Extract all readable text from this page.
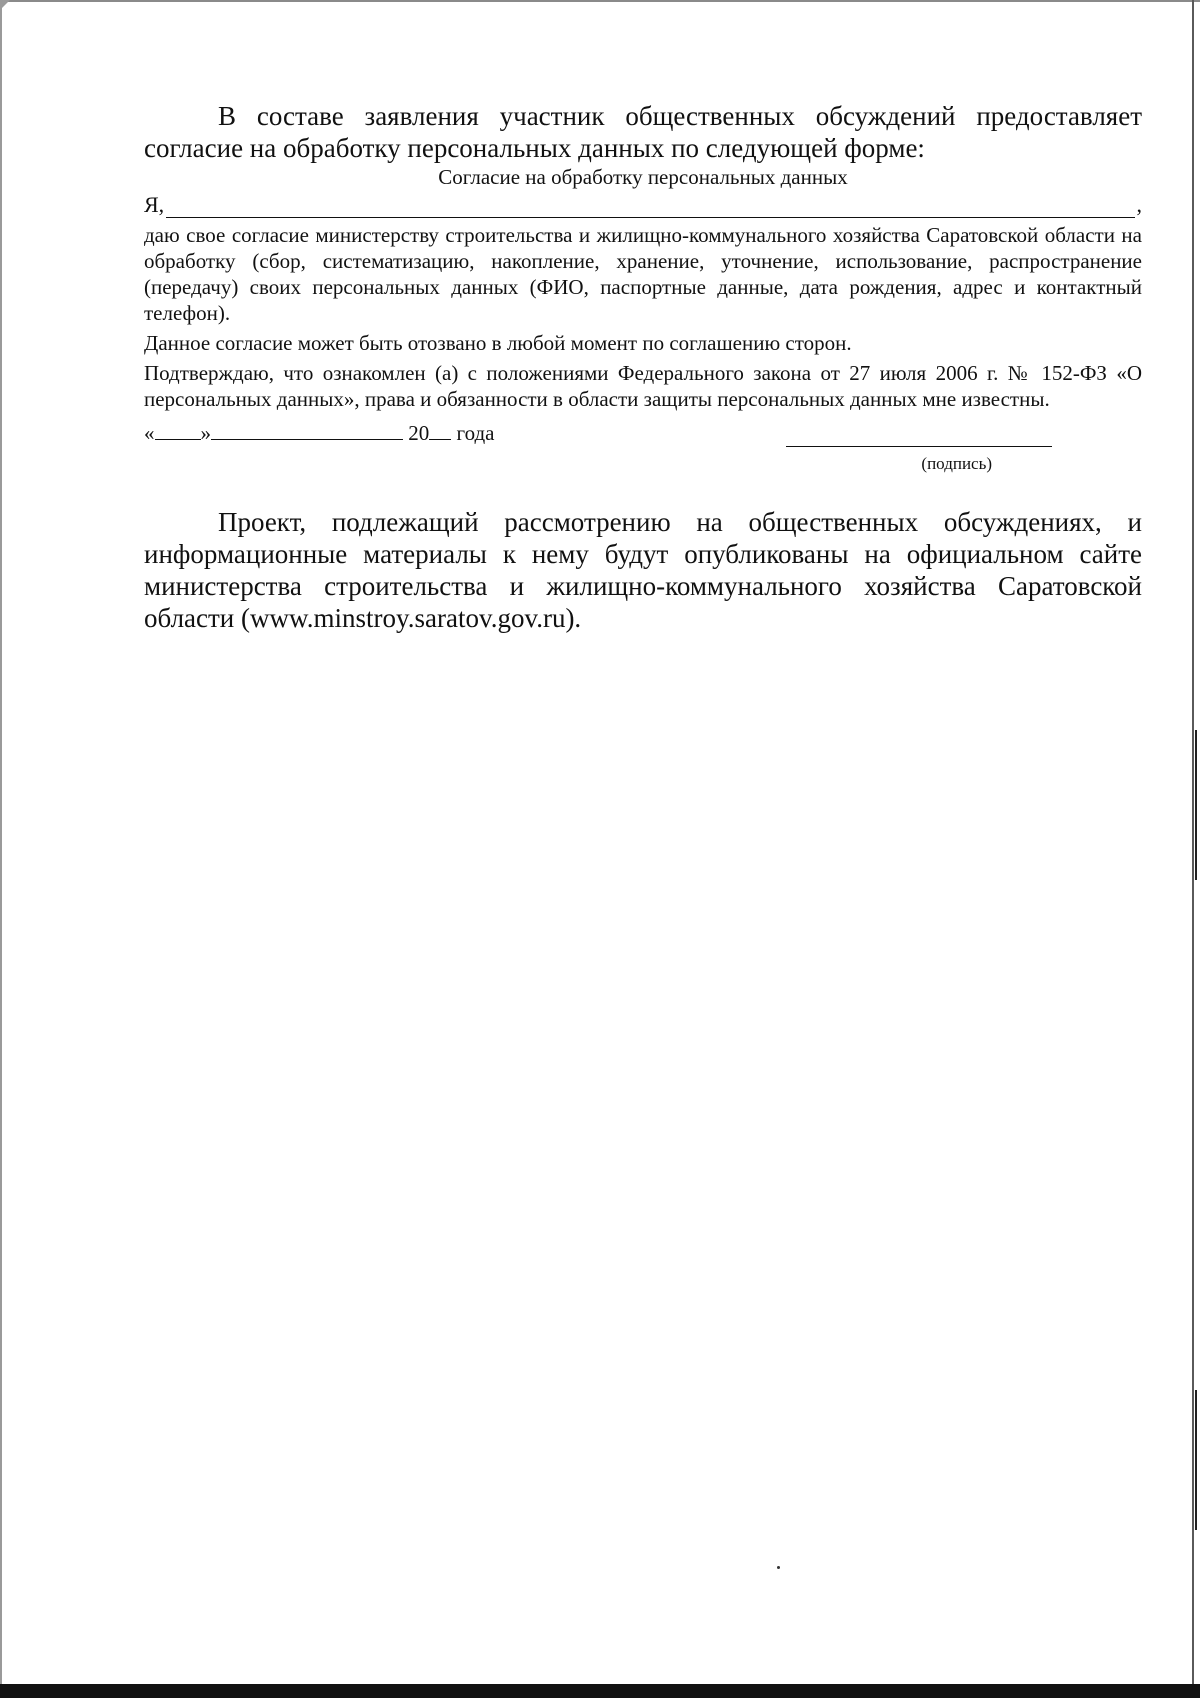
В составе заявления участник общественных обсуждений предоставляет согласие на обработку персональных данных по следующей форме:

Согласие на обработку персональных данных

Я,	,

даю свое согласие министерству строительства и жилищно-коммунального хозяйства Саратовской области на обработку (сбор, систематизацию, накопление, хранение, уточнение, использование, распространение (передачу) своих персональных данных (ФИО, паспортные данные, дата рождения, адрес и контактный телефон).

Данное согласие может быть отозвано в любой момент по соглашению сторон.

Подтверждаю, что ознакомлен (а) с положениями Федерального закона от 27 июля 2006 г. № 152-ФЗ «О персональных данных», права и обязанности в области защиты персональных данных мне известны.

« »	20 года
(подпись)

Проект, подлежащий рассмотрению на общественных обсуждениях, и информационные материалы к нему будут опубликованы на официальном сайте министерства строительства и жилищно-коммунального хозяйства Саратовской области (www.minstroy.saratov.gov.ru).
